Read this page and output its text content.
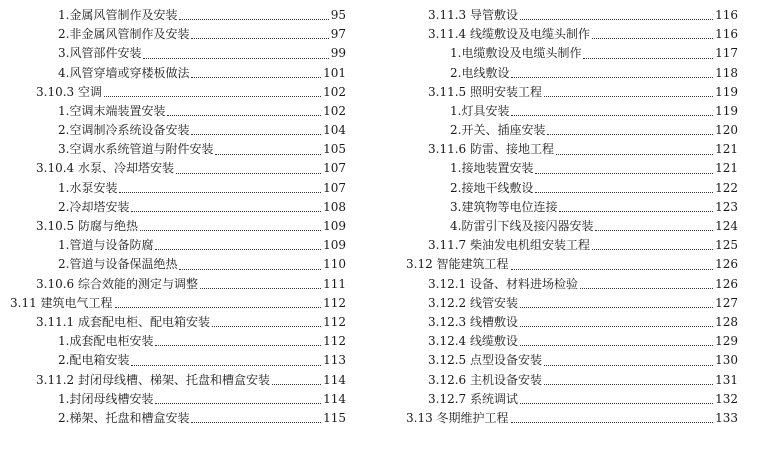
1.金属风管制作及安装	95
2.非金属风管制作及安装	97
3.风管部件安装	99
4.风管穿墙或穿楼板做法	101
3.10.3 空调	102
1.空调末端装置安装	102
2.空调制冷系统设备安装	104
3.空调水系统管道与附件安装	105
3.10.4 水泵、冷却塔安装	107
1.水泵安装	107
2.冷却塔安装	108
3.10.5 防腐与绝热	109
1.管道与设备防腐	109
2.管道与设备保温绝热	110
3.10.6 综合效能的测定与调整	111
3.11 建筑电气工程	112
3.11.1 成套配电柜、配电箱安装	112
1.成套配电柜安装	112
2.配电箱安装	113
3.11.2 封闭母线槽、梯架、托盘和槽盒安装	114
1.封闭母线槽安装	114
2.梯架、托盘和槽盒安装	115
3.11.3 导管敷设	116
3.11.4 线缆敷设及电缆头制作	116
1.电缆敷设及电缆头制作	117
2.电线敷设	118
3.11.5 照明安装工程	119
1.灯具安装	119
2.开关、插座安装	120
3.11.6 防雷、接地工程	121
1.接地装置安装	121
2.接地干线敷设	122
3.建筑物等电位连接	123
4.防雷引下线及接闪器安装	124
3.11.7 柴油发电机组安装工程	125
3.12 智能建筑工程	126
3.12.1 设备、材料进场检验	126
3.12.2 线管安装	127
3.12.3 线槽敷设	128
3.12.4 线缆敷设	129
3.12.5 点型设备安装	130
3.12.6 主机设备安装	131
3.12.7 系统调试	132
3.13 冬期维护工程	133
